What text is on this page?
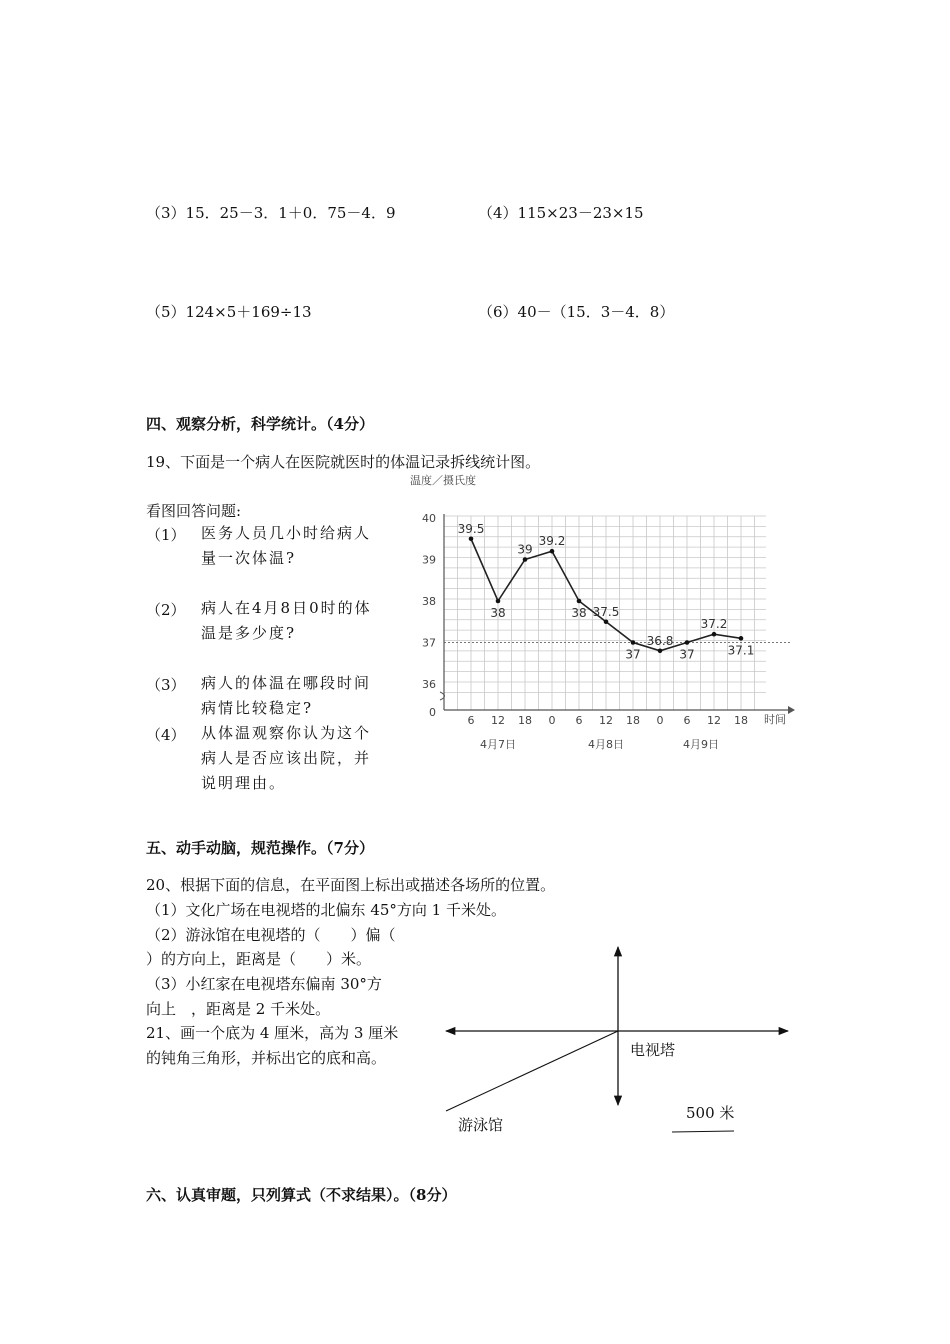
（3）15．25－3．1＋0．75－4．9	（4）115×23－23×15
（5）124×5＋169÷13	（6）40－（15．3－4．8）
四、观察分析，科学统计。（4分）
19、下面是一个病人在医院就医时的体温记录拆线统计图。
看图回答问题:
（1） 医务人员几小时给病人量一次体温?
（2） 病人在4月8日0时的体温是多少度?
（3） 病人的体温在哪段时间病情比较稳定?
（4） 从体温观察你认为这个病人是否应该出院，并说明理由。
温度／摄氏度
0
36
37
38
39
40
6 12 18 0 6 12 18 0 6 12 18
4月7日	4月8日	4月9日
39.5
38
39
39.2
38 37.5
37
36.8
37
37.2
37.1
时间
五、动手动脑，规范操作。（7分）
20、根据下面的信息，在平面图上标出或描述各场所的位置。
（1）文化广场在电视塔的北偏东 45°方向 1 千米处。
（2）游泳馆在电视塔的（　　）偏（
）的方向上，距离是（　　）米。
（3）小红家在电视塔东偏南 30°方
向上　，距离是 2 千米处。
21、画一个底为 4 厘米，高为 3 厘米
的钝角三角形，并标出它的底和高。	电视塔
游泳馆
500 米
六、认真审题，只列算式（不求结果）。（8分）
